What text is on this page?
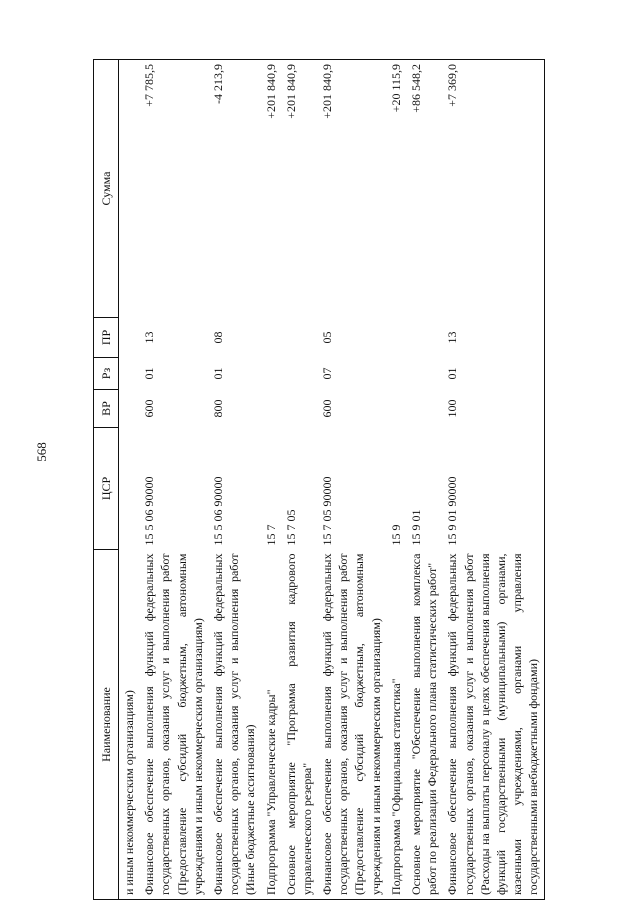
568
Наименование	ЦСР	ВР	Рз	ПР	Сумма
и иным некоммерческим организациям)					
Финансовое обеспечение выполнения функций федеральных государственных органов, оказания услуг и выполнения работ (Предоставление субсидий бюджетным, автономным учреждениям и иным некоммерческим организациям)	15 5 06 90000	600	01	13	+7 785,5
Финансовое обеспечение выполнения функций федеральных государственных органов, оказания услуг и выполнения работ (Иные бюджетные ассигнования)	15 5 06 90000	800	01	08	-4 213,9
Подпрограмма "Управленческие кадры"	15 7				+201 840,9
Основное мероприятие "Программа развития кадрового управленческого резерва"	15 7 05				+201 840,9
Финансовое обеспечение выполнения функций федеральных государственных органов, оказания услуг и выполнения работ (Предоставление субсидий бюджетным, автономным учреждениям и иным некоммерческим организациям)	15 7 05 90000	600	07	05	+201 840,9
Подпрограмма "Официальная статистика"	15 9				+20 115,9
Основное мероприятие "Обеспечение выполнения комплекса работ по реализации Федерального плана статистических работ"	15 9 01				+86 548,2
Финансовое обеспечение выполнения функций федеральных государственных органов, оказания услуг и выполнения работ (Расходы на выплаты персоналу в целях обеспечения выполнения функций государственными (муниципальными) органами, казенными учреждениями, органами управления государственными внебюджетными фондами)	15 9 01 90000	100	01	13	+7 369,0
